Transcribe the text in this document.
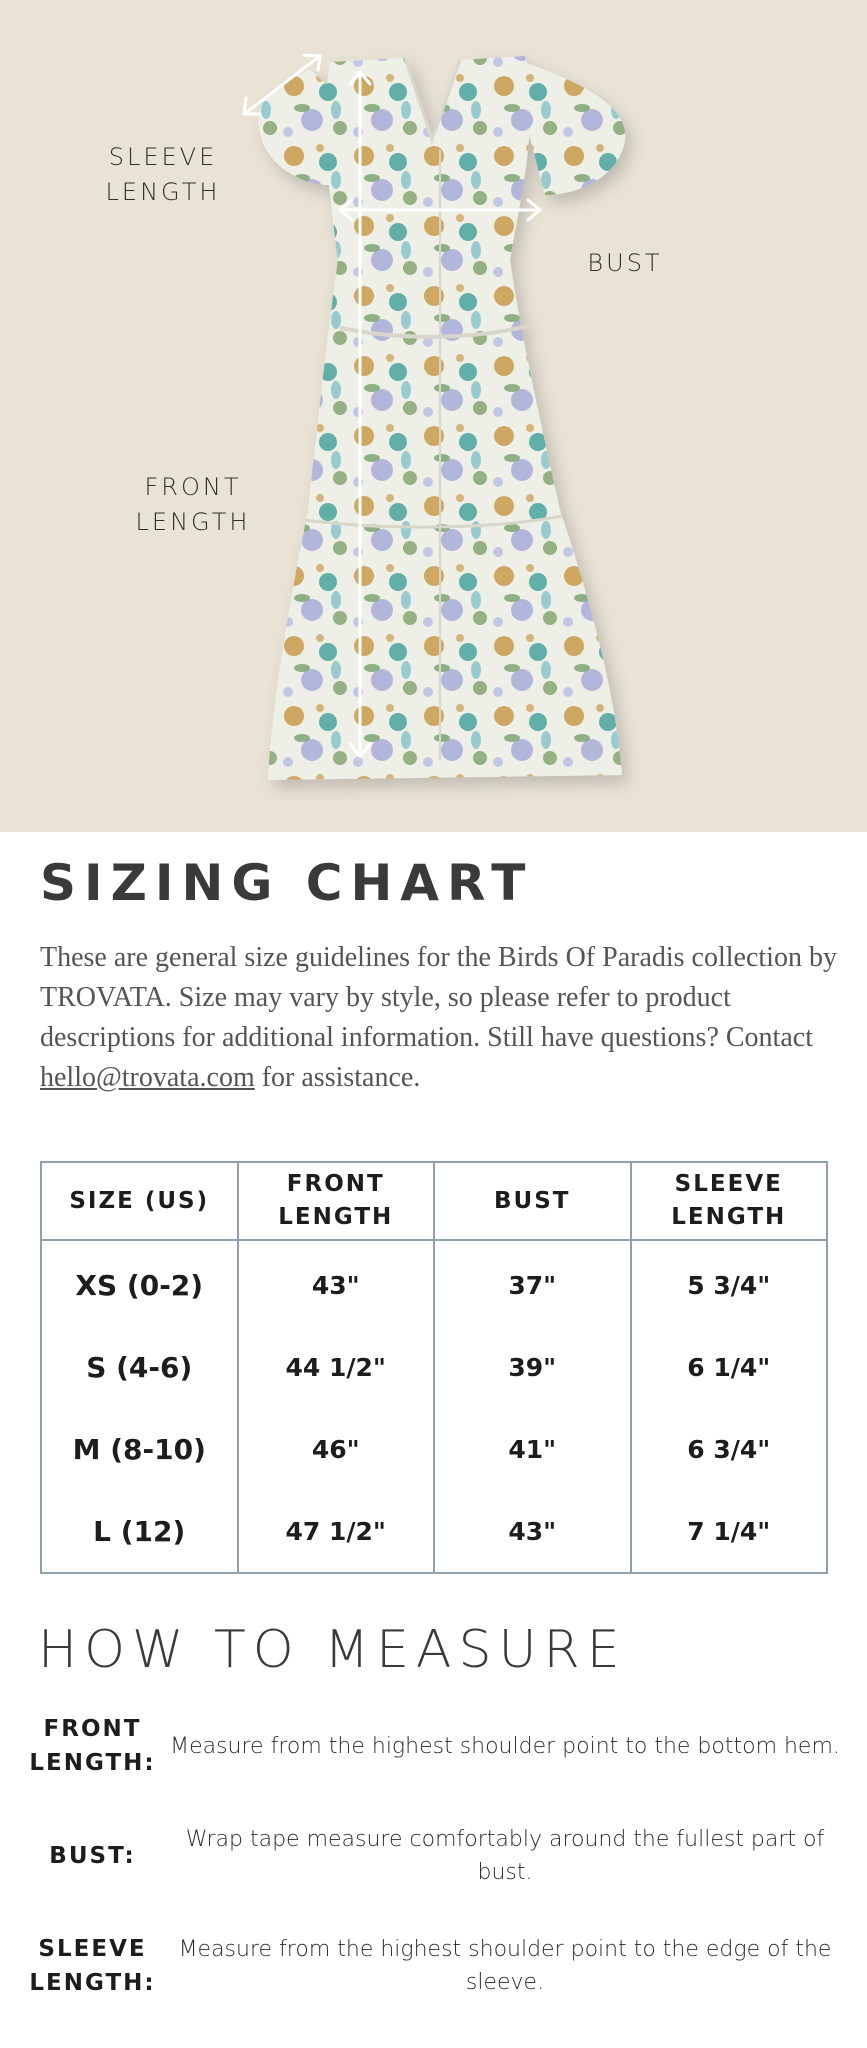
SLEEVE
LENGTH
BUST
FRONT
LENGTH
SIZING CHART

These are general size guidelines for the Birds Of Paradis collection by TROVATA. Size may vary by style, so please refer to product descriptions for additional information. Still have questions? Contact hello@trovata.com for assistance.

SIZE (US)	FRONT LENGTH	BUST	SLEEVE LENGTH
XS (0-2)	43"	37"	5 3/4"
S (4-6)	44 1/2"	39"	6 1/4"
M (8-10)	46"	41"	6 3/4"
L (12)	47 1/2"	43"	7 1/4"
HOW TO MEASURE
FRONT LENGTH:
Measure from the highest shoulder point to the bottom hem.
BUST:
Wrap tape measure comfortably around the fullest part of bust.
SLEEVE LENGTH:
Measure from the highest shoulder point to the edge of the sleeve.
